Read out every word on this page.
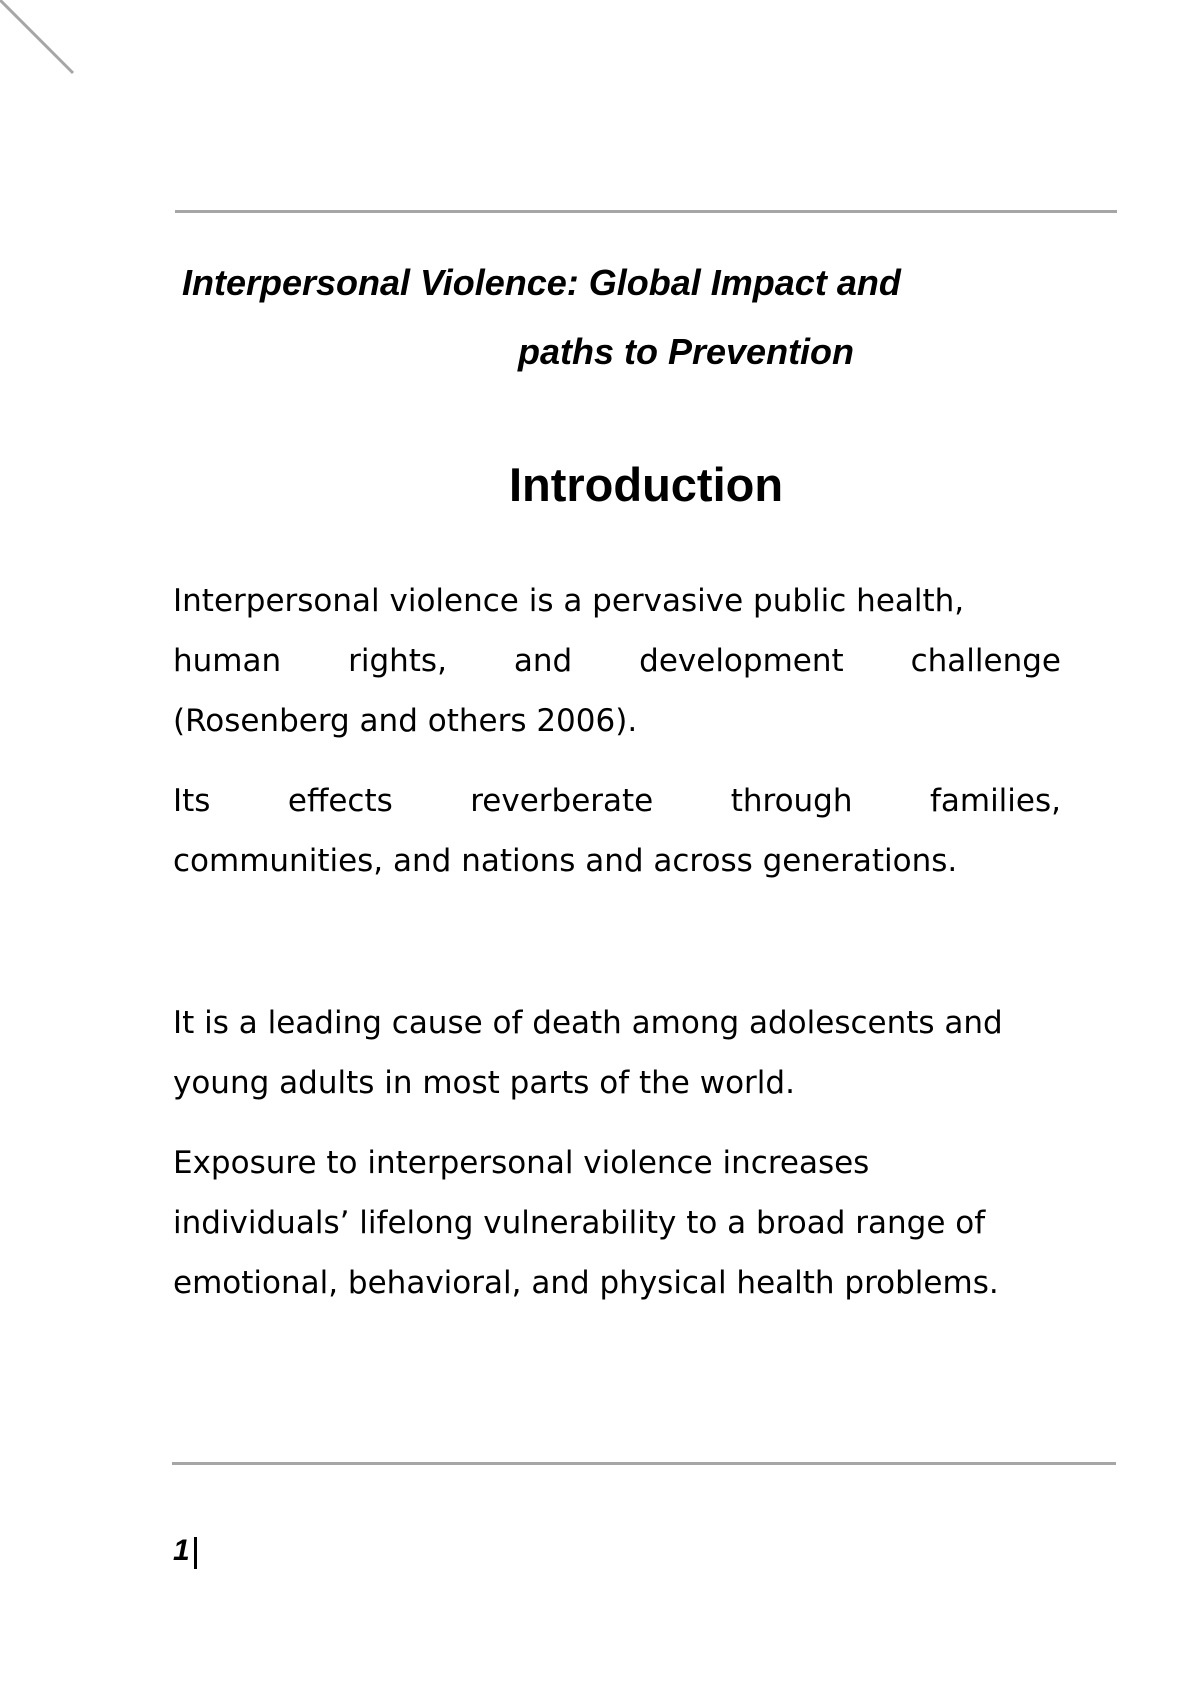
Interpersonal Violence: Global Impact and
paths to Prevention
Introduction
Interpersonal violence is a pervasive public health,
human rights, and development challenge
(Rosenberg and others 2006).
Its effects reverberate through families,
communities, and nations and across generations.
It is a leading cause of death among adolescents and
young adults in most parts of the world.
Exposure to interpersonal violence increases
individuals’ lifelong vulnerability to a broad range of
emotional, behavioral, and physical health problems.
1
